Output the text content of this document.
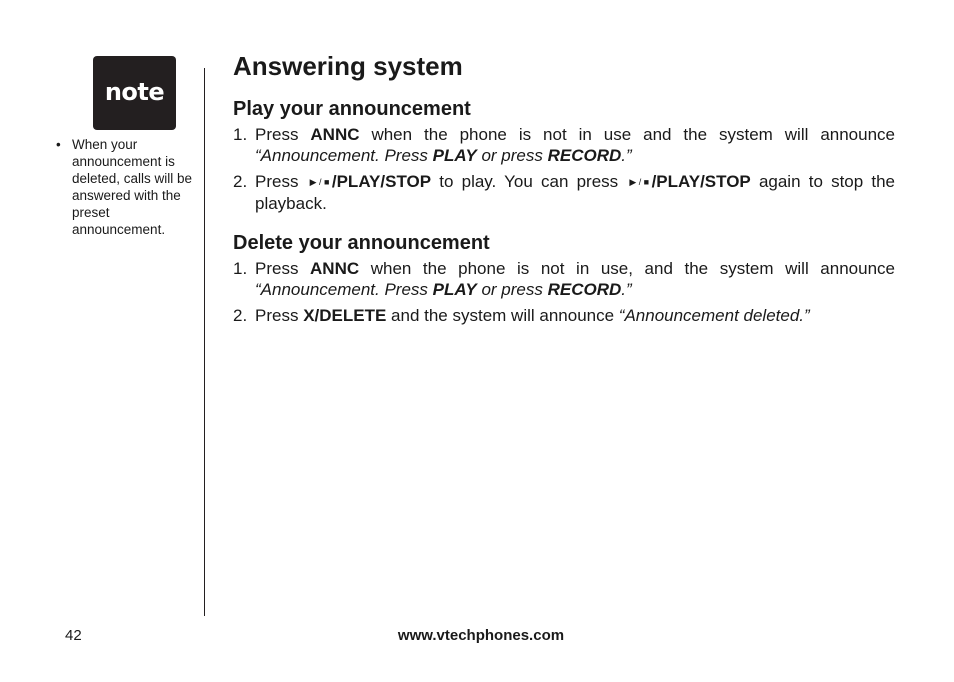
note
• When your announcement is deleted, calls will be answered with the preset announcement.
Answering system
Play your announcement
1. Press ANNC when the phone is not in use and the system will announce “Announcement. Press PLAY or press RECORD.”
2. Press ▶/■/PLAY/STOP to play. You can press ▶/■/PLAY/STOP again to stop the playback.
Delete your announcement
1. Press ANNC when the phone is not in use, and the system will announce “Announcement. Press PLAY or press RECORD.”
2. Press X/DELETE and the system will announce “Announcement deleted.”
42	www.vtechphones.com
